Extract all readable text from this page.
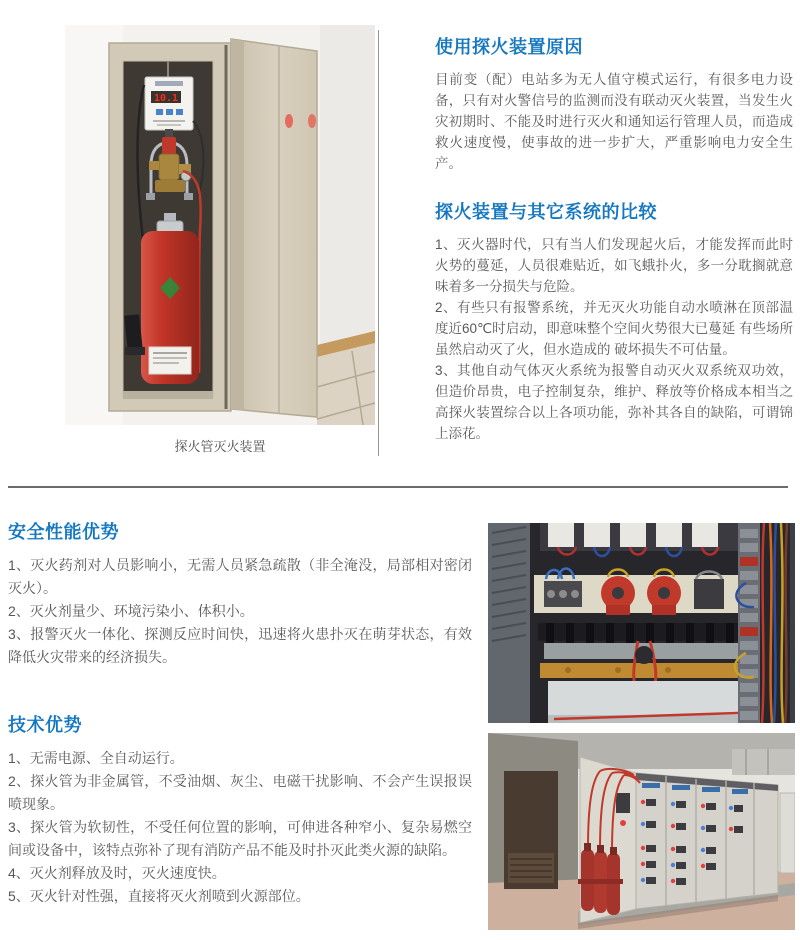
10.1
探火管灭火装置
使用探火装置原因

目前变（配）电站多为无人值守模式运行，有很多电力设备，只有对火警信号的监测而没有联动灭火装置，当发生火灾初期时、不能及时进行灭火和通知运行管理人员，而造成救火速度慢，使事故的进一步扩大，严重影响电力安全生产。

探火装置与其它系统的比较

1、灭火器时代，只有当人们发现起火后，才能发挥而此时火势的蔓延，人员很难贴近，如飞蛾扑火，多一分耽搁就意味着多一分损失与危险。

2、有些只有报警系统，并无灭火功能自动水喷淋在顶部温度近60℃时启动，即意味整个空间火势很大已蔓延 有些场所虽然启动灭了火，但水造成的 破坏损失不可估量。

3、其他自动气体灭火系统为报警自动灭火双系统双功效，但造价昂贵，电子控制复杂，维护、释放等价格成本相当之高探火装置综合以上各项功能，弥补其各自的缺陷，可谓锦上添花。

安全性能优势

1、灭火药剂对人员影响小，无需人员紧急疏散（非全淹没，局部相对密闭灭火）。

2、灭火剂量少、环境污染小、体积小。

3、报警灭火一体化、探测反应时间快，迅速将火患扑灭在萌芽状态，有效降低火灾带来的经济损失。

技术优势

1、无需电源、全自动运行。

2、探火管为非金属管，不受油烟、灰尘、电磁干扰影响、不会产生误报误喷现象。

3、探火管为软韧性，不受任何位置的影响，可伸进各种窄小、复杂易燃空间或设备中，该特点弥补了现有消防产品不能及时扑灭此类火源的缺陷。

4、灭火剂释放及时，灭火速度快。

5、灭火针对性强，直接将灭火剂喷到火源部位。
